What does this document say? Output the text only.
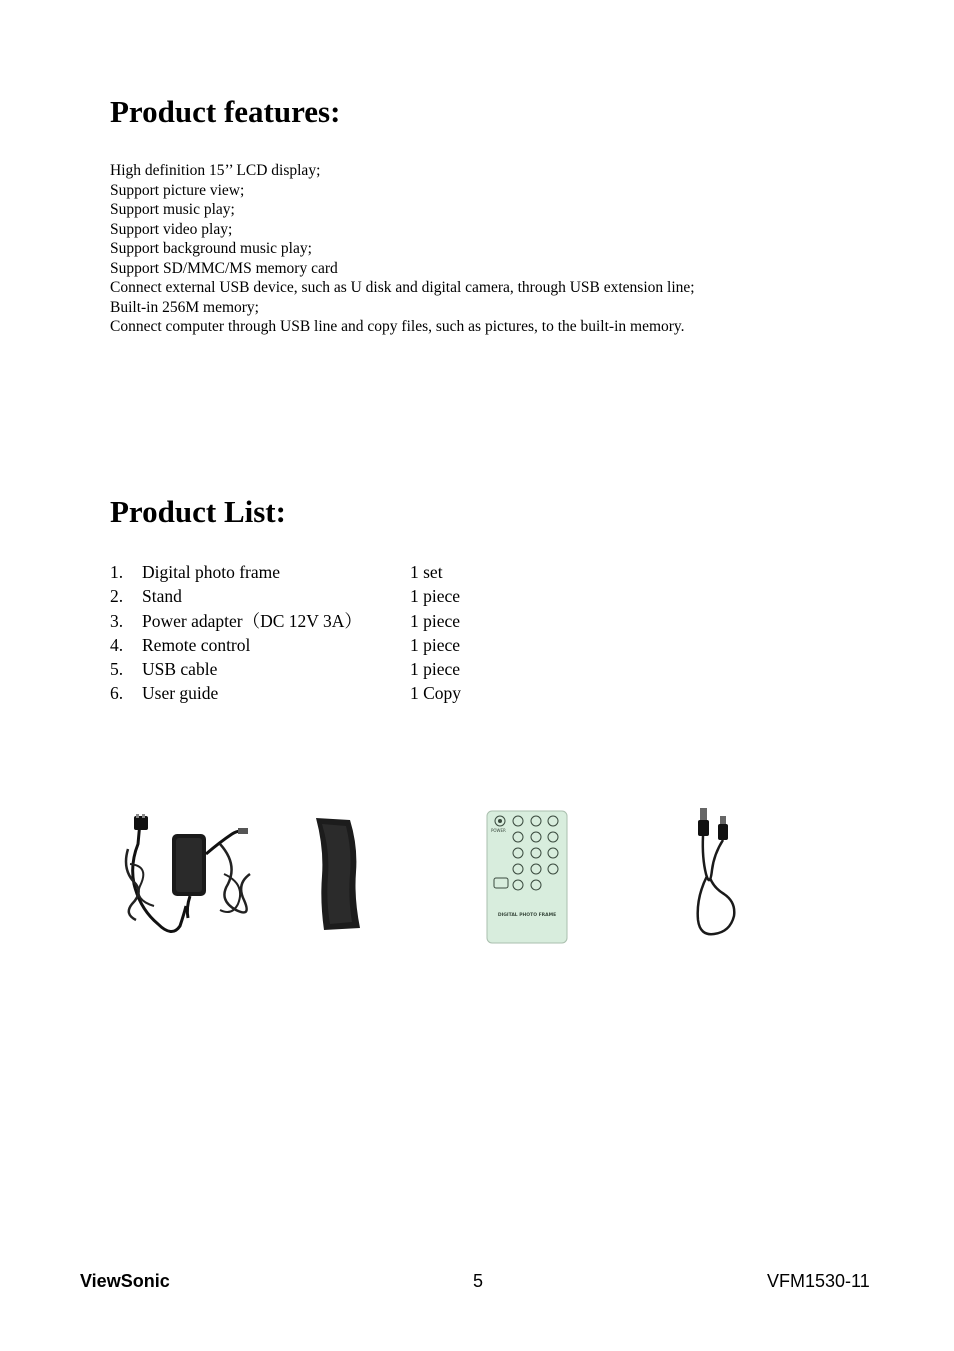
Product features:
High definition 15’’ LCD display;
Support picture view;
Support music play;
Support video play;
Support background music play;
Support SD/MMC/MS memory card
Connect external USB device, such as U disk and digital camera, through USB extension line;
Built-in 256M memory;
Connect computer through USB line and copy files, such as pictures, to the built-in memory.
Product List:
1. Digital photo frame	1 set
2. Stand	1 piece
3. Power adapter（DC 12V 3A）	1 piece
4. Remote control	1 piece
5. USB cable	1 piece
6. User guide	1 Copy
POWER
DIGITAL PHOTO FRAME
ViewSonic	5	VFM1530-11
